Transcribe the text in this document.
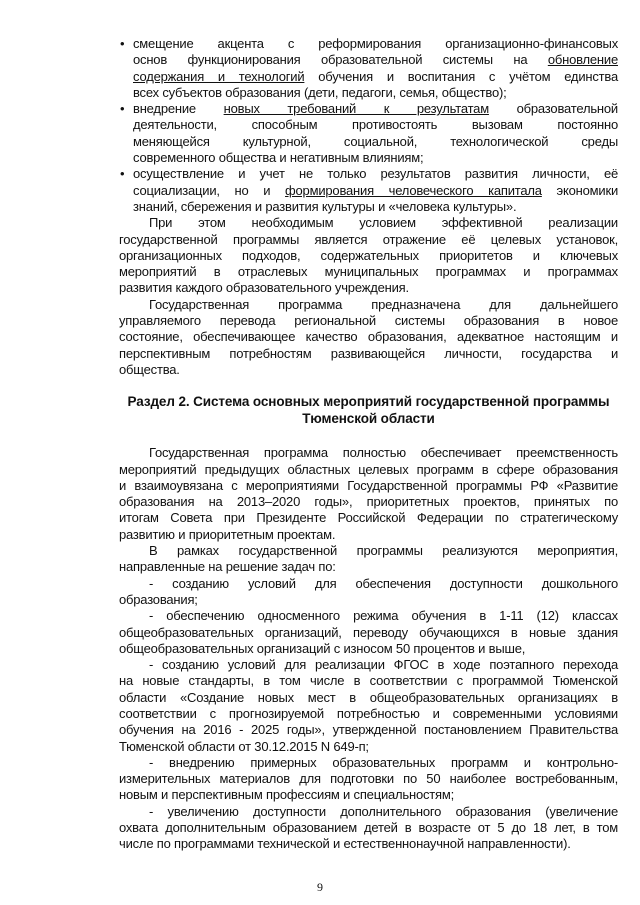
• смещение акцента с реформирования организационно-финансовых
основ функционирования образовательной системы на обновление
содержания и технологий обучения и воспитания с учётом единства
всех субъектов образования (дети, педагоги, семья, общество);
• внедрение новых требований к результатам образовательной
деятельности, способным противостоять вызовам постоянно
меняющейся культурной, социальной, технологической среды
современного общества и негативным влияниям;
• осуществление и учет не только результатов развития личности, её
социализации, но и формирования человеческого капитала экономики
знаний, сбережения и развития культуры и «человека культуры».
При этом необходимым условием эффективной реализации
государственной программы является отражение её целевых установок,
организационных подходов, содержательных приоритетов и ключевых
мероприятий в отраслевых муниципальных программах и программах
развития каждого образовательного учреждения.
Государственная программа предназначена для дальнейшего
управляемого перевода региональной системы образования в новое
состояние, обеспечивающее качество образования, адекватное настоящим и
перспективным потребностям развивающейся личности, государства и
общества.
Раздел 2. Система основных мероприятий государственной программы
Тюменской области
Государственная программа полностью обеспечивает преемственность
мероприятий предыдущих областных целевых программ в сфере образования
и взаимоувязана с мероприятиями Государственной программы РФ «Развитие
образования на 2013–2020 годы», приоритетных проектов, принятых по
итогам Совета при Президенте Российской Федерации по стратегическому
развитию и приоритетным проектам.
В рамках государственной программы реализуются мероприятия,
направленные на решение задач по:
- созданию условий для обеспечения доступности дошкольного
образования;
- обеспечению односменного режима обучения в 1-11 (12) классах
общеобразовательных организаций, переводу обучающихся в новые здания
общеобразовательных организаций с износом 50 процентов и выше,
- созданию условий для реализации ФГОС в ходе поэтапного перехода
на новые стандарты, в том числе в соответствии с программой Тюменской
области «Создание новых мест в общеобразовательных организациях в
соответствии с прогнозируемой потребностью и современными условиями
обучения на 2016 - 2025 годы», утвержденной постановлением Правительства
Тюменской области от 30.12.2015 N 649-п;
- внедрению примерных образовательных программ и контрольно-
измерительных материалов для подготовки по 50 наиболее востребованным,
новым и перспективным профессиям и специальностям;
- увеличению доступности дополнительного образования (увеличение
охвата дополнительным образованием детей в возрасте от 5 до 18 лет, в том
числе по программами технической и естественнонаучной направленности).
9
